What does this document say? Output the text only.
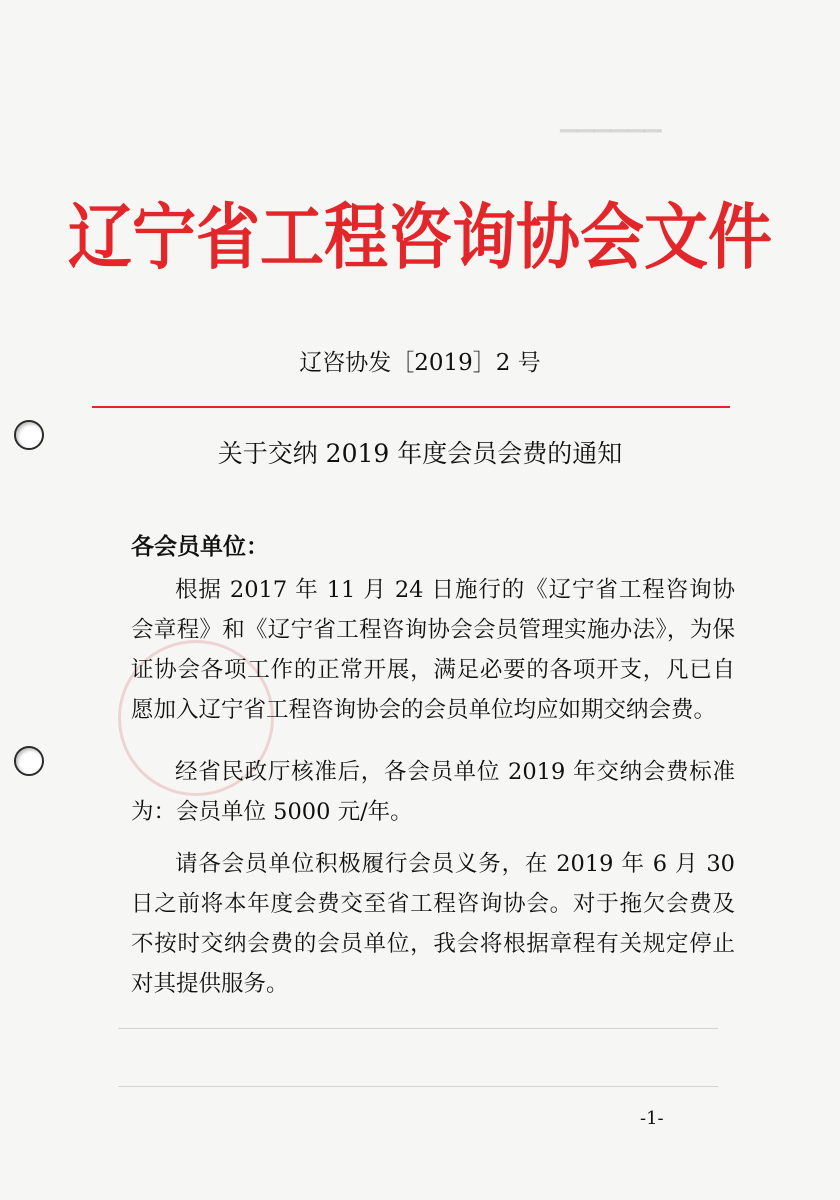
▁▁▁▁▁▁
辽宁省工程咨询协会文件
辽咨协发［2019］2 号
关于交纳 2019 年度会员会费的通知
各会员单位：

根据 2017 年 11 月 24 日施行的《辽宁省工程咨询协会章程》和《辽宁省工程咨询协会会员管理实施办法》，为保证协会各项工作的正常开展，满足必要的各项开支，凡已自愿加入辽宁省工程咨询协会的会员单位均应如期交纳会费。

经省民政厅核准后，各会员单位 2019 年交纳会费标准为：会员单位 5000 元/年。

请各会员单位积极履行会员义务，在 2019 年 6 月 30 日之前将本年度会费交至省工程咨询协会。对于拖欠会费及不按时交纳会费的会员单位，我会将根据章程有关规定停止对其提供服务。

-1-
